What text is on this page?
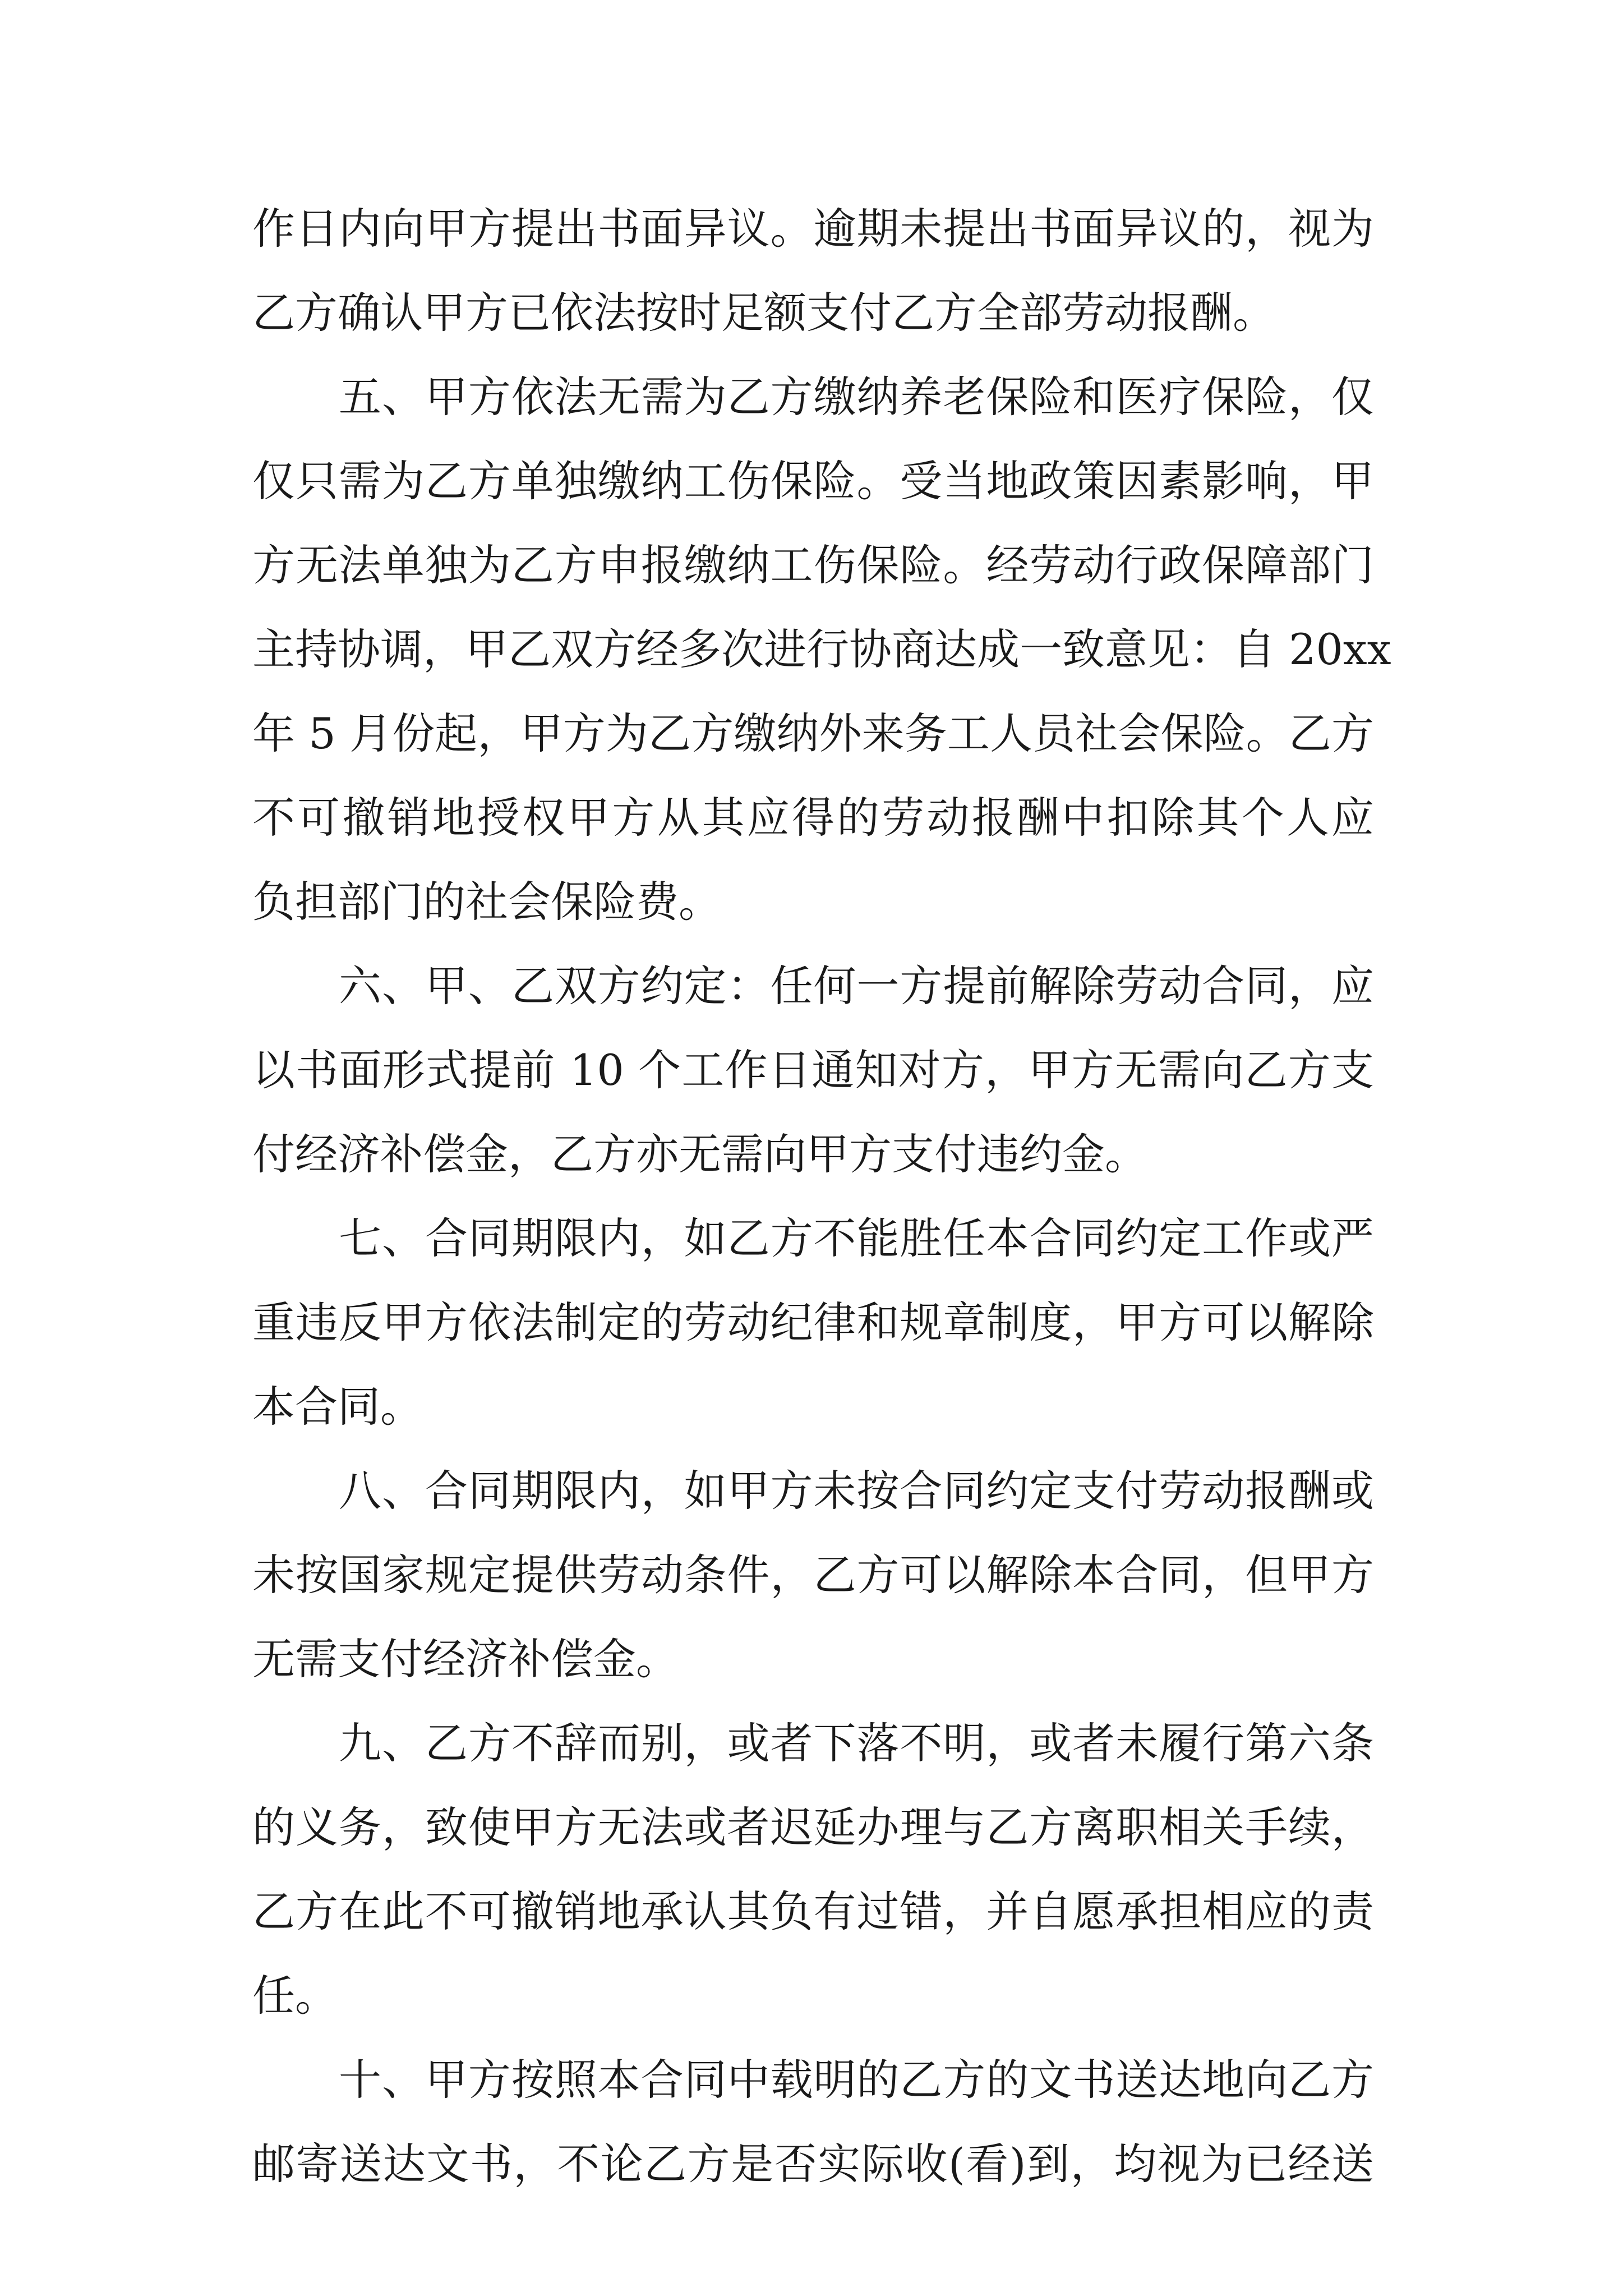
作日内向甲方提出书面异议。逾期未提出书面异议的，视为
乙方确认甲方已依法按时足额支付乙方全部劳动报酬。
五、甲方依法无需为乙方缴纳养老保险和医疗保险，仅
仅只需为乙方单独缴纳工伤保险。受当地政策因素影响，甲
方无法单独为乙方申报缴纳工伤保险。经劳动行政保障部门
主持协调，甲乙双方经多次进行协商达成一致意见：自 20xx
年 5 月份起，甲方为乙方缴纳外来务工人员社会保险。乙方
不可撤销地授权甲方从其应得的劳动报酬中扣除其个人应
负担部门的社会保险费。
六、甲、乙双方约定：任何一方提前解除劳动合同，应
以书面形式提前 10 个工作日通知对方，甲方无需向乙方支
付经济补偿金，乙方亦无需向甲方支付违约金。
七、合同期限内，如乙方不能胜任本合同约定工作或严
重违反甲方依法制定的劳动纪律和规章制度，甲方可以解除
本合同。
八、合同期限内，如甲方未按合同约定支付劳动报酬或
未按国家规定提供劳动条件，乙方可以解除本合同，但甲方
无需支付经济补偿金。
九、乙方不辞而别，或者下落不明，或者未履行第六条
的义务，致使甲方无法或者迟延办理与乙方离职相关手续，
乙方在此不可撤销地承认其负有过错，并自愿承担相应的责
任。
十、甲方按照本合同中载明的乙方的文书送达地向乙方
邮寄送达文书，不论乙方是否实际收(看)到，均视为已经送
